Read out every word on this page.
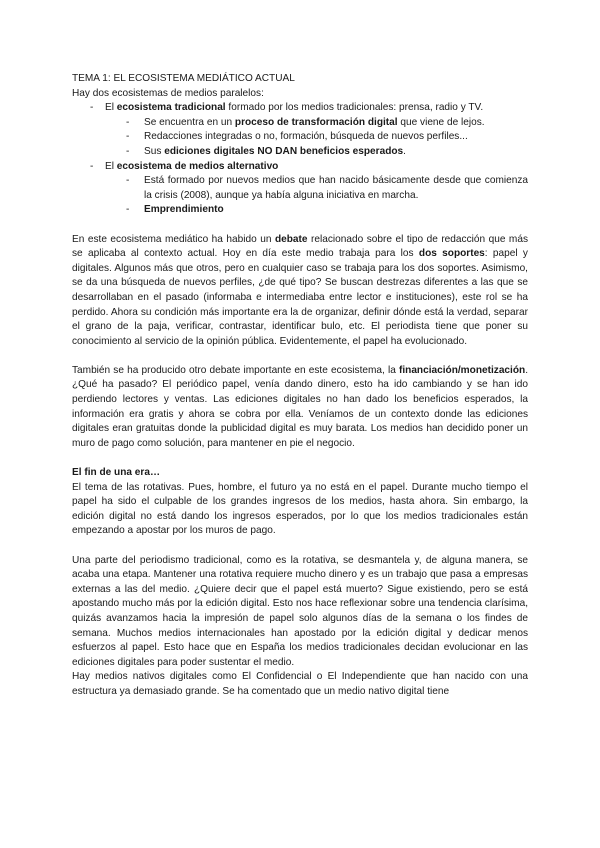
TEMA 1: EL ECOSISTEMA MEDIÁTICO ACTUAL

Hay dos ecosistemas de medios paralelos:

- El ecosistema tradicional formado por los medios tradicionales: prensa, radio y TV.
- Se encuentra en un proceso de transformación digital que viene de lejos.
- Redacciones integradas o no, formación, búsqueda de nuevos perfiles...
- Sus ediciones digitales NO DAN beneficios esperados.
- El ecosistema de medios alternativo
- Está formado por nuevos medios que han nacido básicamente desde que comienza la crisis (2008), aunque ya había alguna iniciativa en marcha.
- Emprendimiento

En este ecosistema mediático ha habido un debate relacionado sobre el tipo de redacción que más se aplicaba al contexto actual. Hoy en día este medio trabaja para los dos soportes: papel y digitales. Algunos más que otros, pero en cualquier caso se trabaja para los dos soportes. Asimismo, se da una búsqueda de nuevos perfiles, ¿de qué tipo? Se buscan destrezas diferentes a las que se desarrollaban en el pasado (informaba e intermediaba entre lector e instituciones), este rol se ha perdido. Ahora su condición más importante era la de organizar, definir dónde está la verdad, separar el grano de la paja, verificar, contrastar, identificar bulo, etc. El periodista tiene que poner su conocimiento al servicio de la opinión pública. Evidentemente, el papel ha evolucionado.

También se ha producido otro debate importante en este ecosistema, la financiación/monetización. ¿Qué ha pasado? El periódico papel, venía dando dinero, esto ha ido cambiando y se han ido perdiendo lectores y ventas. Las ediciones digitales no han dado los beneficios esperados, la información era gratis y ahora se cobra por ella. Veníamos de un contexto donde las ediciones digitales eran gratuitas donde la publicidad digital es muy barata. Los medios han decidido poner un muro de pago como solución, para mantener en pie el negocio.

El fin de una era…

El tema de las rotativas. Pues, hombre, el futuro ya no está en el papel. Durante mucho tiempo el papel ha sido el culpable de los grandes ingresos de los medios, hasta ahora. Sin embargo, la edición digital no está dando los ingresos esperados, por lo que los medios tradicionales están empezando a apostar por los muros de pago.

Una parte del periodismo tradicional, como es la rotativa, se desmantela y, de alguna manera, se acaba una etapa. Mantener una rotativa requiere mucho dinero y es un trabajo que pasa a empresas externas a las del medio. ¿Quiere decir que el papel está muerto? Sigue existiendo, pero se está apostando mucho más por la edición digital. Esto nos hace reflexionar sobre una tendencia clarísima, quizás avanzamos hacia la impresión de papel solo algunos días de la semana o los findes de semana. Muchos medios internacionales han apostado por la edición digital y dedicar menos esfuerzos al papel. Esto hace que en España los medios tradicionales decidan evolucionar en las ediciones digitales para poder sustentar el medio.

Hay medios nativos digitales como El Confidencial o El Independiente que han nacido con una estructura ya demasiado grande. Se ha comentado que un medio nativo digital tiene
